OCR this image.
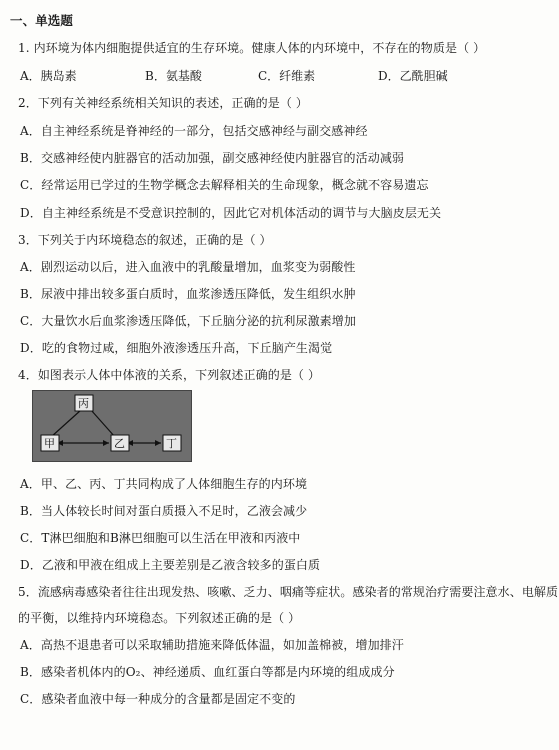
一、单选题
1. 内环境为体内细胞提供适宜的生存环境。健康人体的内环境中，不存在的物质是（ ）
A．胰岛素	B．氨基酸	C．纤维素	D．乙酰胆碱
2．下列有关神经系统相关知识的表述，正确的是（ ）
A．自主神经系统是脊神经的一部分，包括交感神经与副交感神经
B．交感神经使内脏器官的活动加强，副交感神经使内脏器官的活动减弱
C．经常运用已学过的生物学概念去解释相关的生命现象，概念就不容易遗忘
D．自主神经系统是不受意识控制的，因此它对机体活动的调节与大脑皮层无关
3．下列关于内环境稳态的叙述，正确的是（ ）
A．剧烈运动以后，进入血液中的乳酸量增加，血浆变为弱酸性
B．尿液中排出较多蛋白质时，血浆渗透压降低，发生组织水肿
C．大量饮水后血浆渗透压降低，下丘脑分泌的抗利尿激素增加
D．吃的食物过咸，细胞外液渗透压升高，下丘脑产生渴觉
4．如图表示人体中体液的关系，下列叙述正确的是（ ）
丙
甲	乙	丁
A．甲、乙、丙、丁共同构成了人体细胞生存的内环境
B．当人体较长时间对蛋白质摄入不足时，乙液会减少
C．T淋巴细胞和B淋巴细胞可以生活在甲液和丙液中
D．乙液和甲液在组成上主要差别是乙液含较多的蛋白质
5．流感病毒感染者往往出现发热、咳嗽、乏力、咽痛等症状。感染者的常规治疗需要注意水、电解质
的平衡，以维持内环境稳态。下列叙述正确的是（ ）
A．高热不退患者可以采取辅助措施来降低体温，如加盖棉被，增加排汗
B．感染者机体内的O₂、神经递质、血红蛋白等都是内环境的组成成分
C．感染者血液中每一种成分的含量都是固定不变的
